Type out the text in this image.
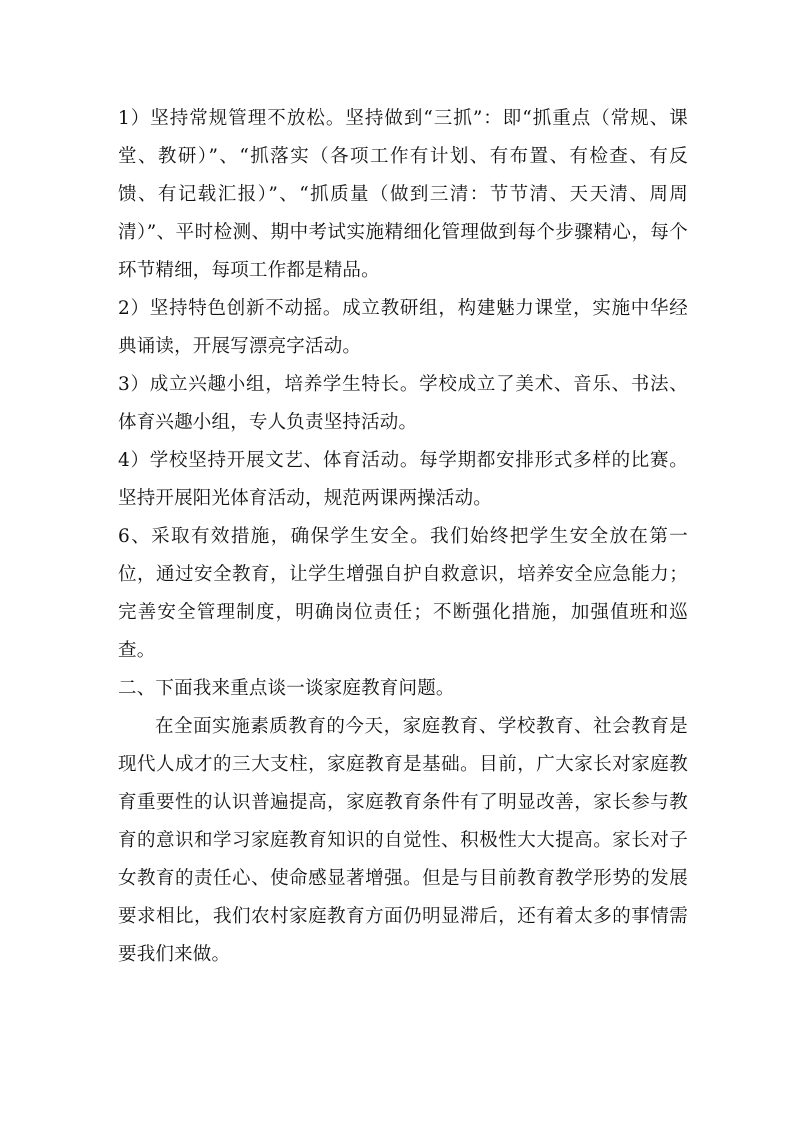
1）坚持常规管理不放松。坚持做到“三抓”：即“抓重点（常规、课堂、教研）”、“抓落实（各项工作有计划、有布置、有检查、有反馈、有记载汇报）”、“抓质量（做到三清：节节清、天天清、周周清）”、平时检测、期中考试实施精细化管理做到每个步骤精心，每个环节精细，每项工作都是精品。

2）坚持特色创新不动摇。成立教研组，构建魅力课堂，实施中华经典诵读，开展写漂亮字活动。

3）成立兴趣小组，培养学生特长。学校成立了美术、音乐、书法、体育兴趣小组，专人负责坚持活动。

4）学校坚持开展文艺、体育活动。每学期都安排形式多样的比赛。坚持开展阳光体育活动，规范两课两操活动。

6、采取有效措施，确保学生安全。我们始终把学生安全放在第一位，通过安全教育，让学生增强自护自救意识，培养安全应急能力；完善安全管理制度，明确岗位责任；不断强化措施，加强值班和巡查。

二、下面我来重点谈一谈家庭教育问题。

在全面实施素质教育的今天，家庭教育、学校教育、社会教育是现代人成才的三大支柱，家庭教育是基础。目前，广大家长对家庭教育重要性的认识普遍提高，家庭教育条件有了明显改善，家长参与教育的意识和学习家庭教育知识的自觉性、积极性大大提高。家长对子女教育的责任心、使命感显著增强。但是与目前教育教学形势的发展要求相比，我们农村家庭教育方面仍明显滞后，还有着太多的事情需要我们来做。
